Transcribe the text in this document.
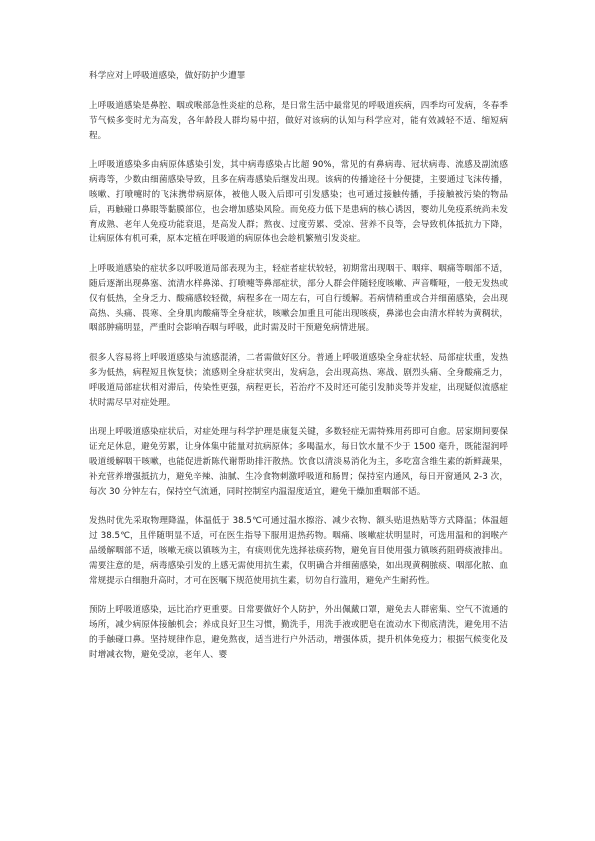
科学应对上呼吸道感染，做好防护少遭罪

上呼吸道感染是鼻腔、咽或喉部急性炎症的总称，是日常生活中最常见的呼吸道疾病，四季均可发病，冬春季节气候多变时尤为高发，各年龄段人群均易中招，做好对该病的认知与科学应对，能有效减轻不适、缩短病程。

上呼吸道感染多由病原体感染引发，其中病毒感染占比超 90%，常见的有鼻病毒、冠状病毒、流感及副流感病毒等，少数由细菌感染导致，且多在病毒感染后继发出现。该病的传播途径十分便捷，主要通过飞沫传播，咳嗽、打喷嚏时的飞沫携带病原体，被他人吸入后即可引发感染；也可通过接触传播，手接触被污染的物品后，再触碰口鼻眼等黏膜部位，也会增加感染风险。而免疫力低下是患病的核心诱因，婴幼儿免疫系统尚未发育成熟、老年人免疫功能衰退，是高发人群；熬夜、过度劳累、受凉、营养不良等，会导致机体抵抗力下降，让病原体有机可乘，原本定植在呼吸道的病原体也会趁机繁殖引发炎症。

上呼吸道感染的症状多以呼吸道局部表现为主，轻症者症状较轻，初期常出现咽干、咽痒、咽痛等咽部不适，随后逐渐出现鼻塞、流清水样鼻涕、打喷嚏等鼻部症状，部分人群会伴随轻度咳嗽、声音嘶哑，一般无发热或仅有低热，全身乏力、酸痛感较轻微，病程多在一周左右，可自行缓解。若病情稍重或合并细菌感染，会出现高热、头痛、畏寒、全身肌肉酸痛等全身症状，咳嗽会加重且可能出现咳痰，鼻涕也会由清水样转为黄稠状，咽部肿痛明显，严重时会影响吞咽与呼吸，此时需及时干预避免病情进展。

很多人容易将上呼吸道感染与流感混淆，二者需做好区分。普通上呼吸道感染全身症状轻、局部症状重，发热多为低热，病程短且恢复快；流感则全身症状突出，发病急，会出现高热、寒战、剧烈头痛、全身酸痛乏力，呼吸道局部症状相对滞后，传染性更强，病程更长，若治疗不及时还可能引发肺炎等并发症，出现疑似流感症状时需尽早对症处理。

出现上呼吸道感染症状后，对症处理与科学护理是康复关键，多数轻症无需特殊用药即可自愈。居家期间要保证充足休息，避免劳累，让身体集中能量对抗病原体；多喝温水，每日饮水量不少于 1500 毫升，既能湿润呼吸道缓解咽干咳嗽，也能促进新陈代谢帮助排汗散热。饮食以清淡易消化为主，多吃富含维生素的新鲜蔬果，补充营养增强抵抗力，避免辛辣、油腻、生冷食物刺激呼吸道和肠胃；保持室内通风，每日开窗通风 2-3 次，每次 30 分钟左右，保持空气流通，同时控制室内温湿度适宜，避免干燥加重咽部不适。

发热时优先采取物理降温，体温低于 38.5℃可通过温水擦浴、减少衣物、额头贴退热贴等方式降温；体温超过 38.5℃，且伴随明显不适，可在医生指导下服用退热药物。咽痛、咳嗽症状明显时，可选用温和的润喉产品缓解咽部不适，咳嗽无痰以镇咳为主，有痰则优先选择祛痰药物，避免盲目使用强力镇咳药阻碍痰液排出。需要注意的是，病毒感染引发的上感无需使用抗生素，仅明确合并细菌感染，如出现黄稠脓痰、咽部化脓、血常规提示白细胞升高时，才可在医嘱下规范使用抗生素，切勿自行滥用，避免产生耐药性。

预防上呼吸道感染，远比治疗更重要。日常要做好个人防护，外出佩戴口罩，避免去人群密集、空气不流通的场所，减少病原体接触机会；养成良好卫生习惯，勤洗手，用洗手液或肥皂在流动水下彻底清洗，避免用不洁的手触碰口鼻。坚持规律作息，避免熬夜，适当进行户外活动，增强体质，提升机体免疫力；根据气候变化及时增减衣物，避免受凉，老年人、婴
